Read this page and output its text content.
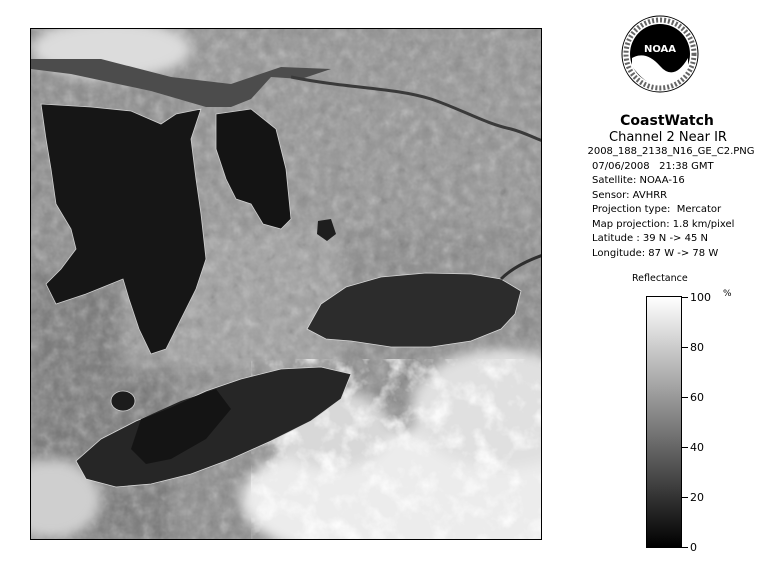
NOAA
CoastWatch
Channel 2 Near IR
2008_188_2138_N16_GE_C2.PNG
07/06/2008   21:38 GMT
Satellite: NOAA-16
Sensor: AVHRR
Projection type:  Mercator
Map projection: 1.8 km/pixel
Latitude : 39 N -> 45 N
Longitude: 87 W -> 78 W
Reflectance
%
100
80
60
40
20
0
